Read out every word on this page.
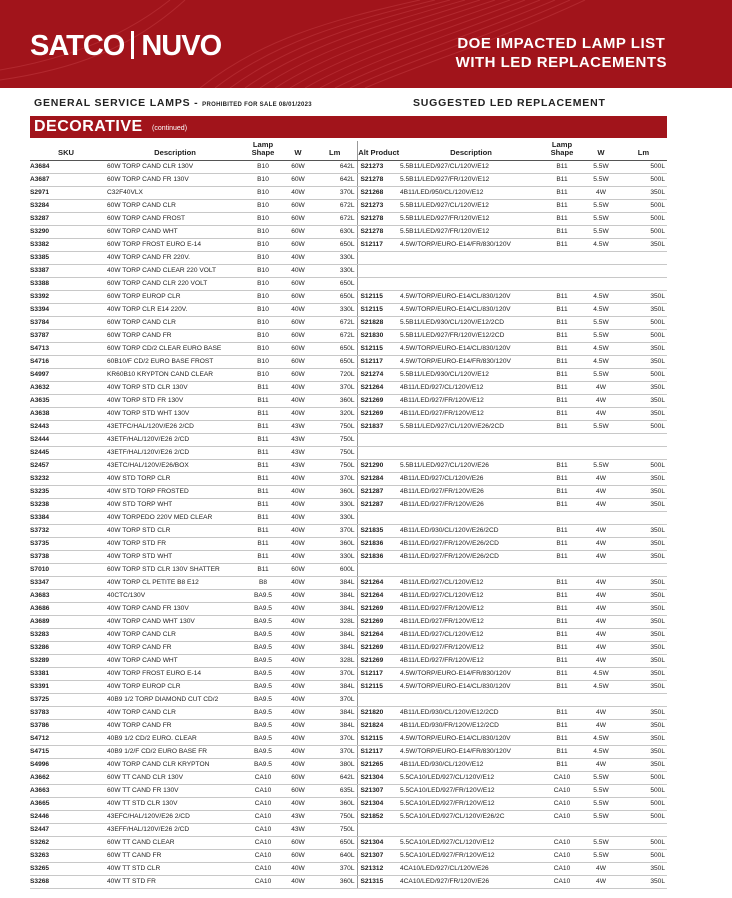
SATCO NUVO	DOE IMPACTED LAMP LIST
WITH LED REPLACEMENTS
GENERAL SERVICE LAMPS - PROHIBITED FOR SALE 08/01/2023	SUGGESTED LED REPLACEMENT
DECORATIVE (continued)
SKU	Description	Lamp Shape	W	Lm	Alt Product	Description	Lamp Shape	W	Lm
A3684	60W TORP CAND CLR 130V	B10	60W	642L	S21273	5.5B11/LED/927/CL/120V/E12	B11	5.5W	500L
A3687	60W TORP CAND FR 130V	B10	60W	642L	S21278	5.5B11/LED/927/FR/120V/E12	B11	5.5W	500L
S2971	C32F40VLX	B10	40W	370L	S21268	4B11/LED/950/CL/120V/E12	B11	4W	350L
S3284	60W TORP CAND CLR	B10	60W	672L	S21273	5.5B11/LED/927/CL/120V/E12	B11	5.5W	500L
S3287	60W TORP CAND FROST	B10	60W	672L	S21278	5.5B11/LED/927/FR/120V/E12	B11	5.5W	500L
S3290	60W TORP CAND WHT	B10	60W	630L	S21278	5.5B11/LED/927/FR/120V/E12	B11	5.5W	500L
S3382	60W TORP FROST EURO E-14	B10	60W	650L	S12117	4.5W/TORP/EURO-E14/FR/830/120V	B11	4.5W	350L
S3385	40W TORP CAND FR 220V.	B10	40W	330L					
S3387	40W TORP CAND CLEAR 220 VOLT	B10	40W	330L					
S3388	60W TORP CAND CLR 220 VOLT	B10	60W	650L					
S3392	60W TORP EUROP CLR	B10	60W	650L	S12115	4.5W/TORP/EURO-E14/CL/830/120V	B11	4.5W	350L
S3394	40W TORP CLR E14 220V.	B10	40W	330L	S12115	4.5W/TORP/EURO-E14/CL/830/120V	B11	4.5W	350L
S3784	60W TORP CAND CLR	B10	60W	672L	S21828	5.5B11/LED/930/CL/120V/E12/2CD	B11	5.5W	500L
S3787	60W TORP CAND FR	B10	60W	672L	S21830	5.5B11/LED/927/FR/120V/E12/2CD	B11	5.5W	500L
S4713	60W TORP CD/2 CLEAR EURO BASE	B10	60W	650L	S12115	4.5W/TORP/EURO-E14/CL/830/120V	B11	4.5W	350L
S4716	60B10/F CD/2 EURO BASE FROST	B10	60W	650L	S12117	4.5W/TORP/EURO-E14/FR/830/120V	B11	4.5W	350L
S4997	KR60B10 KRYPTON CAND CLEAR	B10	60W	720L	S21274	5.5B11/LED/930/CL/120V/E12	B11	5.5W	500L
A3632	40W TORP STD CLR 130V	B11	40W	370L	S21264	4B11/LED/927/CL/120V/E12	B11	4W	350L
A3635	40W TORP STD FR 130V	B11	40W	360L	S21269	4B11/LED/927/FR/120V/E12	B11	4W	350L
A3638	40W TORP STD WHT 130V	B11	40W	320L	S21269	4B11/LED/927/FR/120V/E12	B11	4W	350L
S2443	43ETFC/HAL/120V/E26 2/CD	B11	43W	750L	S21837	5.5B11/LED/927/CL/120V/E26/2CD	B11	5.5W	500L
S2444	43ETF/HAL/120V/E26 2/CD	B11	43W	750L					
S2445	43ETF/HAL/120V/E26 2/CD	B11	43W	750L					
S2457	43ETC/HAL/120V/E26/BOX	B11	43W	750L	S21290	5.5B11/LED/927/CL/120V/E26	B11	5.5W	500L
S3232	40W STD TORP CLR	B11	40W	370L	S21284	4B11/LED/927/CL/120V/E26	B11	4W	350L
S3235	40W STD TORP FROSTED	B11	40W	360L	S21287	4B11/LED/927/FR/120V/E26	B11	4W	350L
S3238	40W STD TORP WHT	B11	40W	330L	S21287	4B11/LED/927/FR/120V/E26	B11	4W	350L
S3384	40W TORPEDO 220V MED CLEAR	B11	40W	330L					
S3732	40W TORP STD CLR	B11	40W	370L	S21835	4B11/LED/930/CL/120V/E26/2CD	B11	4W	350L
S3735	40W TORP STD FR	B11	40W	360L	S21836	4B11/LED/927/FR/120V/E26/2CD	B11	4W	350L
S3738	40W TORP STD WHT	B11	40W	330L	S21836	4B11/LED/927/FR/120V/E26/2CD	B11	4W	350L
S7010	60W TORP STD CLR 130V SHATTER	B11	60W	600L					
S3347	40W TORP CL PETITE B8 E12	B8	40W	384L	S21264	4B11/LED/927/CL/120V/E12	B11	4W	350L
A3683	40CTC/130V	BA9.5	40W	384L	S21264	4B11/LED/927/CL/120V/E12	B11	4W	350L
A3686	40W TORP CAND FR 130V	BA9.5	40W	384L	S21269	4B11/LED/927/FR/120V/E12	B11	4W	350L
A3689	40W TORP CAND WHT 130V	BA9.5	40W	328L	S21269	4B11/LED/927/FR/120V/E12	B11	4W	350L
S3283	40W TORP CAND CLR	BA9.5	40W	384L	S21264	4B11/LED/927/CL/120V/E12	B11	4W	350L
S3286	40W TORP CAND FR	BA9.5	40W	384L	S21269	4B11/LED/927/FR/120V/E12	B11	4W	350L
S3289	40W TORP CAND WHT	BA9.5	40W	328L	S21269	4B11/LED/927/FR/120V/E12	B11	4W	350L
S3381	40W TORP FROST EURO E-14	BA9.5	40W	370L	S12117	4.5W/TORP/EURO-E14/FR/830/120V	B11	4.5W	350L
S3391	40W TORP EUROP CLR	BA9.5	40W	384L	S12115	4.5W/TORP/EURO-E14/CL/830/120V	B11	4.5W	350L
S3725	40B9 1/2 TORP DIAMOND CUT CD/2	BA9.5	40W	370L					
S3783	40W TORP CAND CLR	BA9.5	40W	384L	S21820	4B11/LED/930/CL/120V/E12/2CD	B11	4W	350L
S3786	40W TORP CAND FR	BA9.5	40W	384L	S21824	4B11/LED/930/FR/120V/E12/2CD	B11	4W	350L
S4712	40B9 1/2 CD/2 EURO. CLEAR	BA9.5	40W	370L	S12115	4.5W/TORP/EURO-E14/CL/830/120V	B11	4.5W	350L
S4715	40B9 1/2/F CD/2 EURO BASE FR	BA9.5	40W	370L	S12117	4.5W/TORP/EURO-E14/FR/830/120V	B11	4.5W	350L
S4996	40W TORP CAND CLR KRYPTON	BA9.5	40W	380L	S21265	4B11/LED/930/CL/120V/E12	B11	4W	350L
A3662	60W TT CAND CLR 130V	CA10	60W	642L	S21304	5.5CA10/LED/927/CL/120V/E12	CA10	5.5W	500L
A3663	60W TT CAND FR 130V	CA10	60W	635L	S21307	5.5CA10/LED/927/FR/120V/E12	CA10	5.5W	500L
A3665	40W TT STD CLR 130V	CA10	40W	360L	S21304	5.5CA10/LED/927/FR/120V/E12	CA10	5.5W	500L
S2446	43EFC/HAL/120V/E26 2/CD	CA10	43W	750L	S21852	5.5CA10/LED/927/CL/120V/E26/2C	CA10	5.5W	500L
S2447	43EFF/HAL/120V/E26 2/CD	CA10	43W	750L					
S3262	60W TT CAND CLEAR	CA10	60W	650L	S21304	5.5CA10/LED/927/CL/120V/E12	CA10	5.5W	500L
S3263	60W TT CAND FR	CA10	60W	640L	S21307	5.5CA10/LED/927/FR/120V/E12	CA10	5.5W	500L
S3265	40W TT STD CLR	CA10	40W	370L	S21312	4CA10/LED/927/CL/120V/E26	CA10	4W	350L
S3268	40W TT STD FR	CA10	40W	360L	S21315	4CA10/LED/927/FR/120V/E26	CA10	4W	350L
